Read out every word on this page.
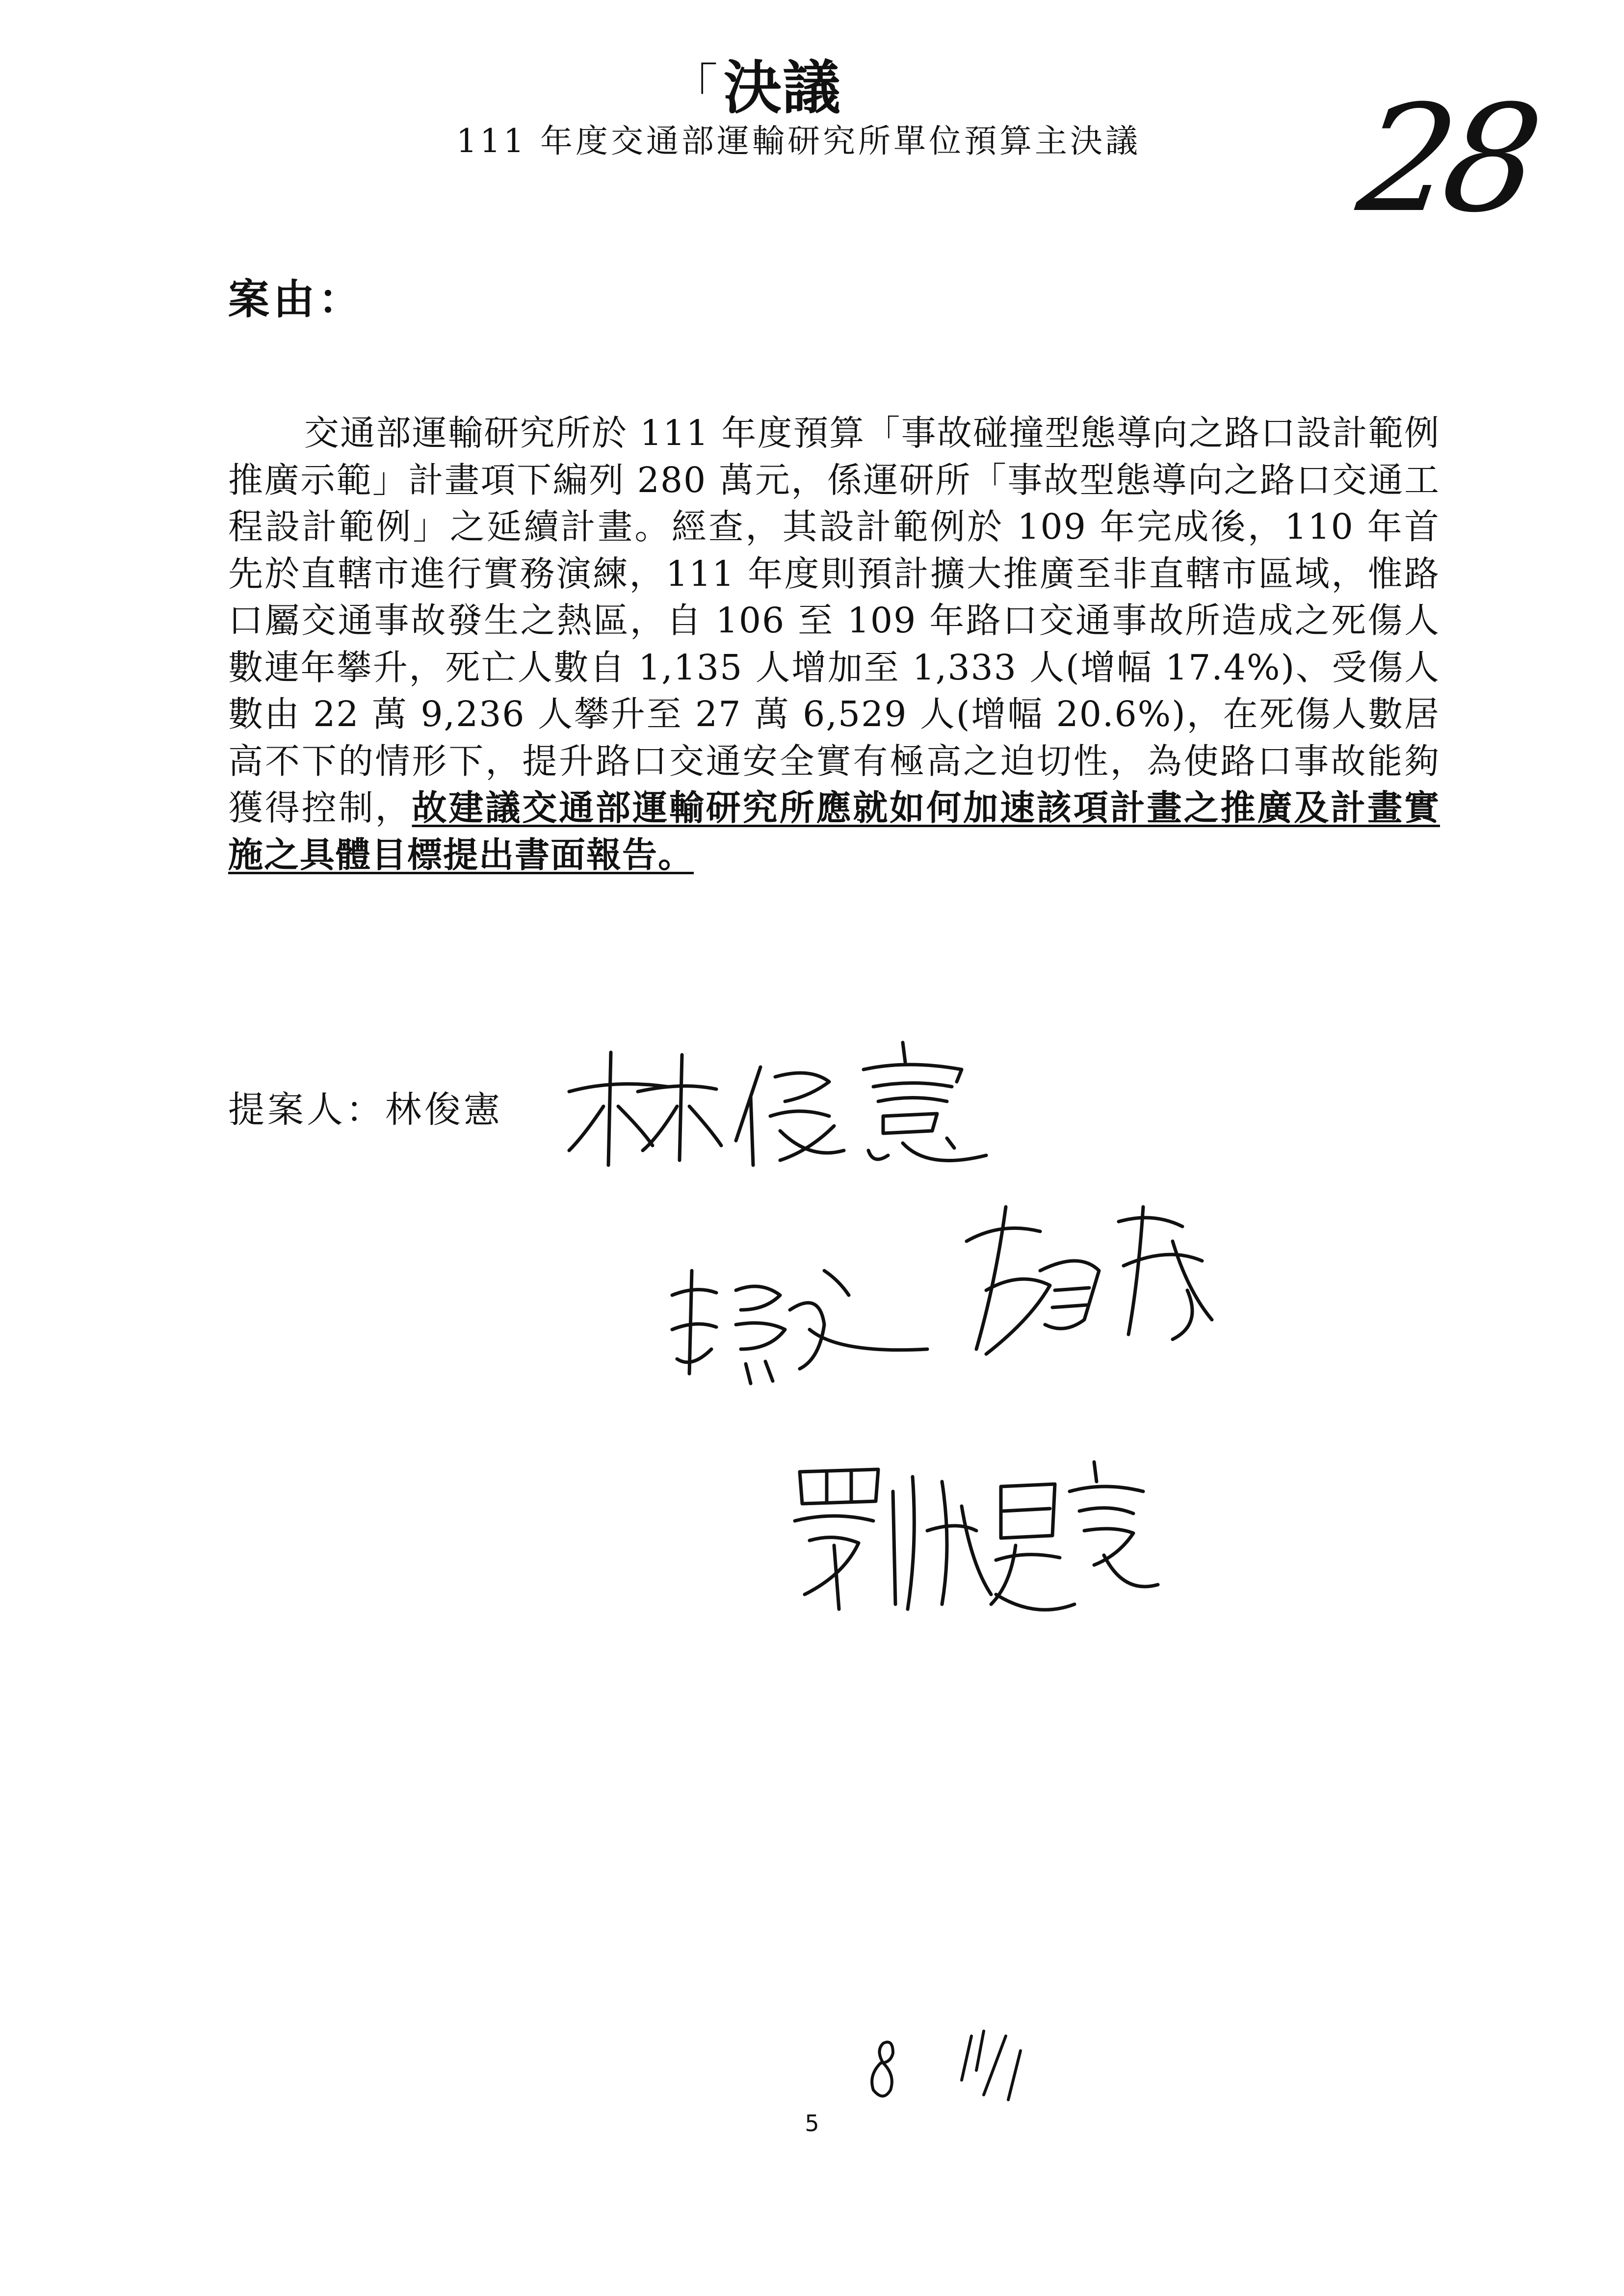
「決議
111 年度交通部運輸研究所單位預算主決議 28
案由：

交通部運輸研究所於 111 年度預算「事故碰撞型態導向之路口設計範例推廣示範」計畫項下編列 280 萬元，係運研所「事故型態導向之路口交通工程設計範例」之延續計畫。經查，其設計範例於 109 年完成後，110 年首先於直轄市進行實務演練，111 年度則預計擴大推廣至非直轄市區域，惟路口屬交通事故發生之熱區，自 106 至 109 年路口交通事故所造成之死傷人數連年攀升，死亡人數自 1,135 人增加至 1,333 人(增幅 17.4%)、受傷人數由 22 萬 9,236 人攀升至 27 萬 6,529 人(增幅 20.6%)，在死傷人數居高不下的情形下，提升路口交通安全實有極高之迫切性，為使路口事故能夠獲得控制，故建議交通部運輸研究所應就如何加速該項計畫之推廣及計畫實施之具體目標提出書面報告。

提案人：林俊憲
5
